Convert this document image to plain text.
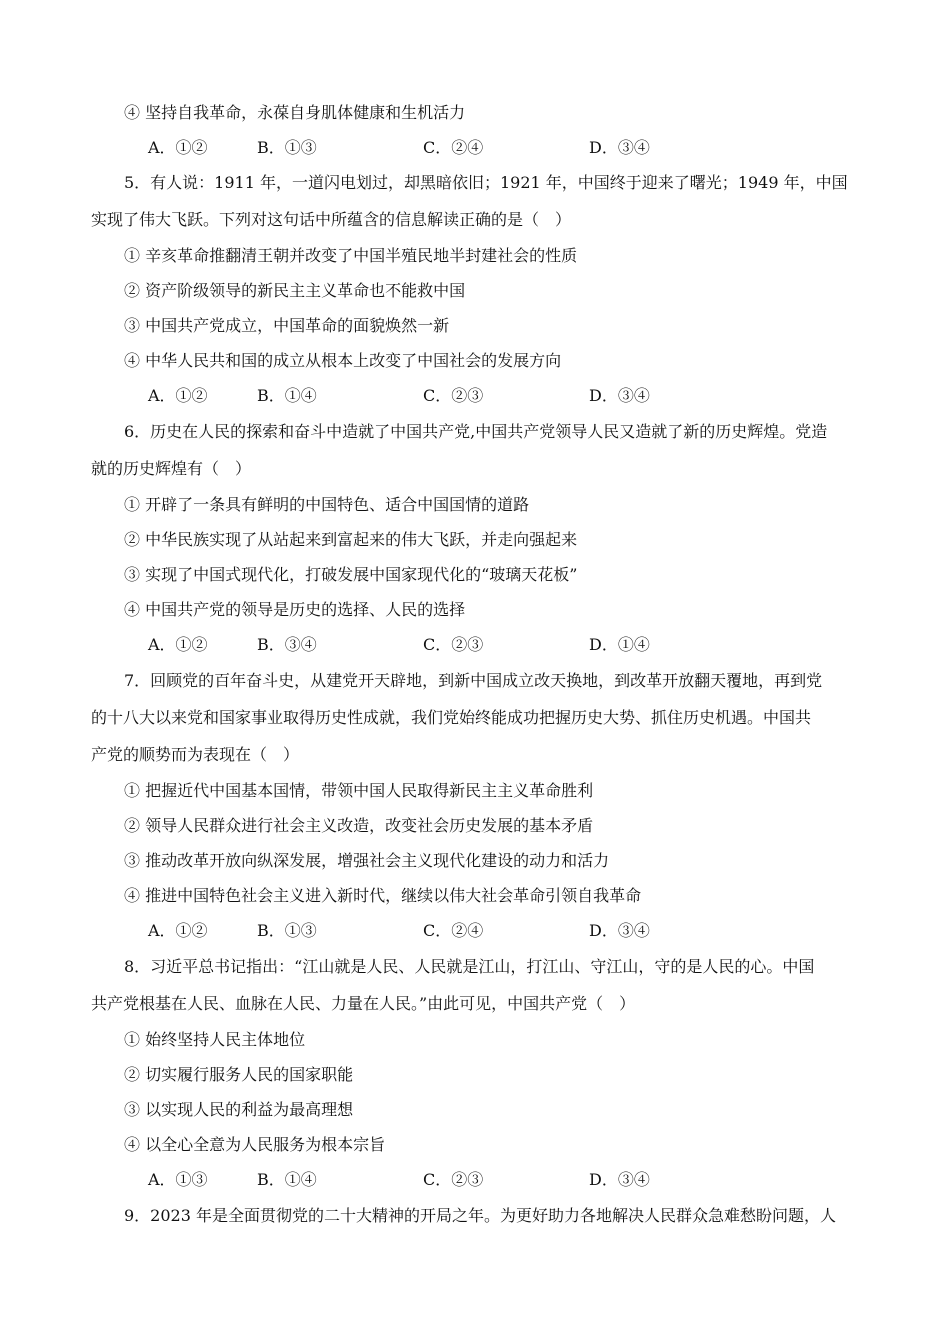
④ 坚持自我革命，永葆自身肌体健康和生机活力
A．①②	B．①③	C．②④	D．③④
5．有人说：1911 年，一道闪电划过，却黑暗依旧；1921 年，中国终于迎来了曙光；1949 年，中国
实现了伟大飞跃。下列对这句话中所蕴含的信息解读正确的是（　）
① 辛亥革命推翻清王朝并改变了中国半殖民地半封建社会的性质
② 资产阶级领导的新民主主义革命也不能救中国
③ 中国共产党成立，中国革命的面貌焕然一新
④ 中华人民共和国的成立从根本上改变了中国社会的发展方向
A．①②	B．①④	C．②③	D．③④
6．历史在人民的探索和奋斗中造就了中国共产党,中国共产党领导人民又造就了新的历史辉煌。党造
就的历史辉煌有（　）
① 开辟了一条具有鲜明的中国特色、适合中国国情的道路
② 中华民族实现了从站起来到富起来的伟大飞跃，并走向强起来
③ 实现了中国式现代化，打破发展中国家现代化的“玻璃天花板”
④ 中国共产党的领导是历史的选择、人民的选择
A．①②	B．③④	C．②③	D．①④
7．回顾党的百年奋斗史，从建党开天辟地，到新中国成立改天换地，到改革开放翻天覆地，再到党
的十八大以来党和国家事业取得历史性成就，我们党始终能成功把握历史大势、抓住历史机遇。中国共
产党的顺势而为表现在（　）
① 把握近代中国基本国情，带领中国人民取得新民主主义革命胜利
② 领导人民群众进行社会主义改造，改变社会历史发展的基本矛盾
③ 推动改革开放向纵深发展，增强社会主义现代化建设的动力和活力
④ 推进中国特色社会主义进入新时代，继续以伟大社会革命引领自我革命
A．①②	B．①③	C．②④	D．③④
8．习近平总书记指出：“江山就是人民、人民就是江山，打江山、守江山，守的是人民的心。中国
共产党根基在人民、血脉在人民、力量在人民。”由此可见，中国共产党（　）
① 始终坚持人民主体地位
② 切实履行服务人民的国家职能
③ 以实现人民的利益为最高理想
④ 以全心全意为人民服务为根本宗旨
A．①③	B．①④	C．②③	D．③④
9．2023 年是全面贯彻党的二十大精神的开局之年。为更好助力各地解决人民群众急难愁盼问题，人
